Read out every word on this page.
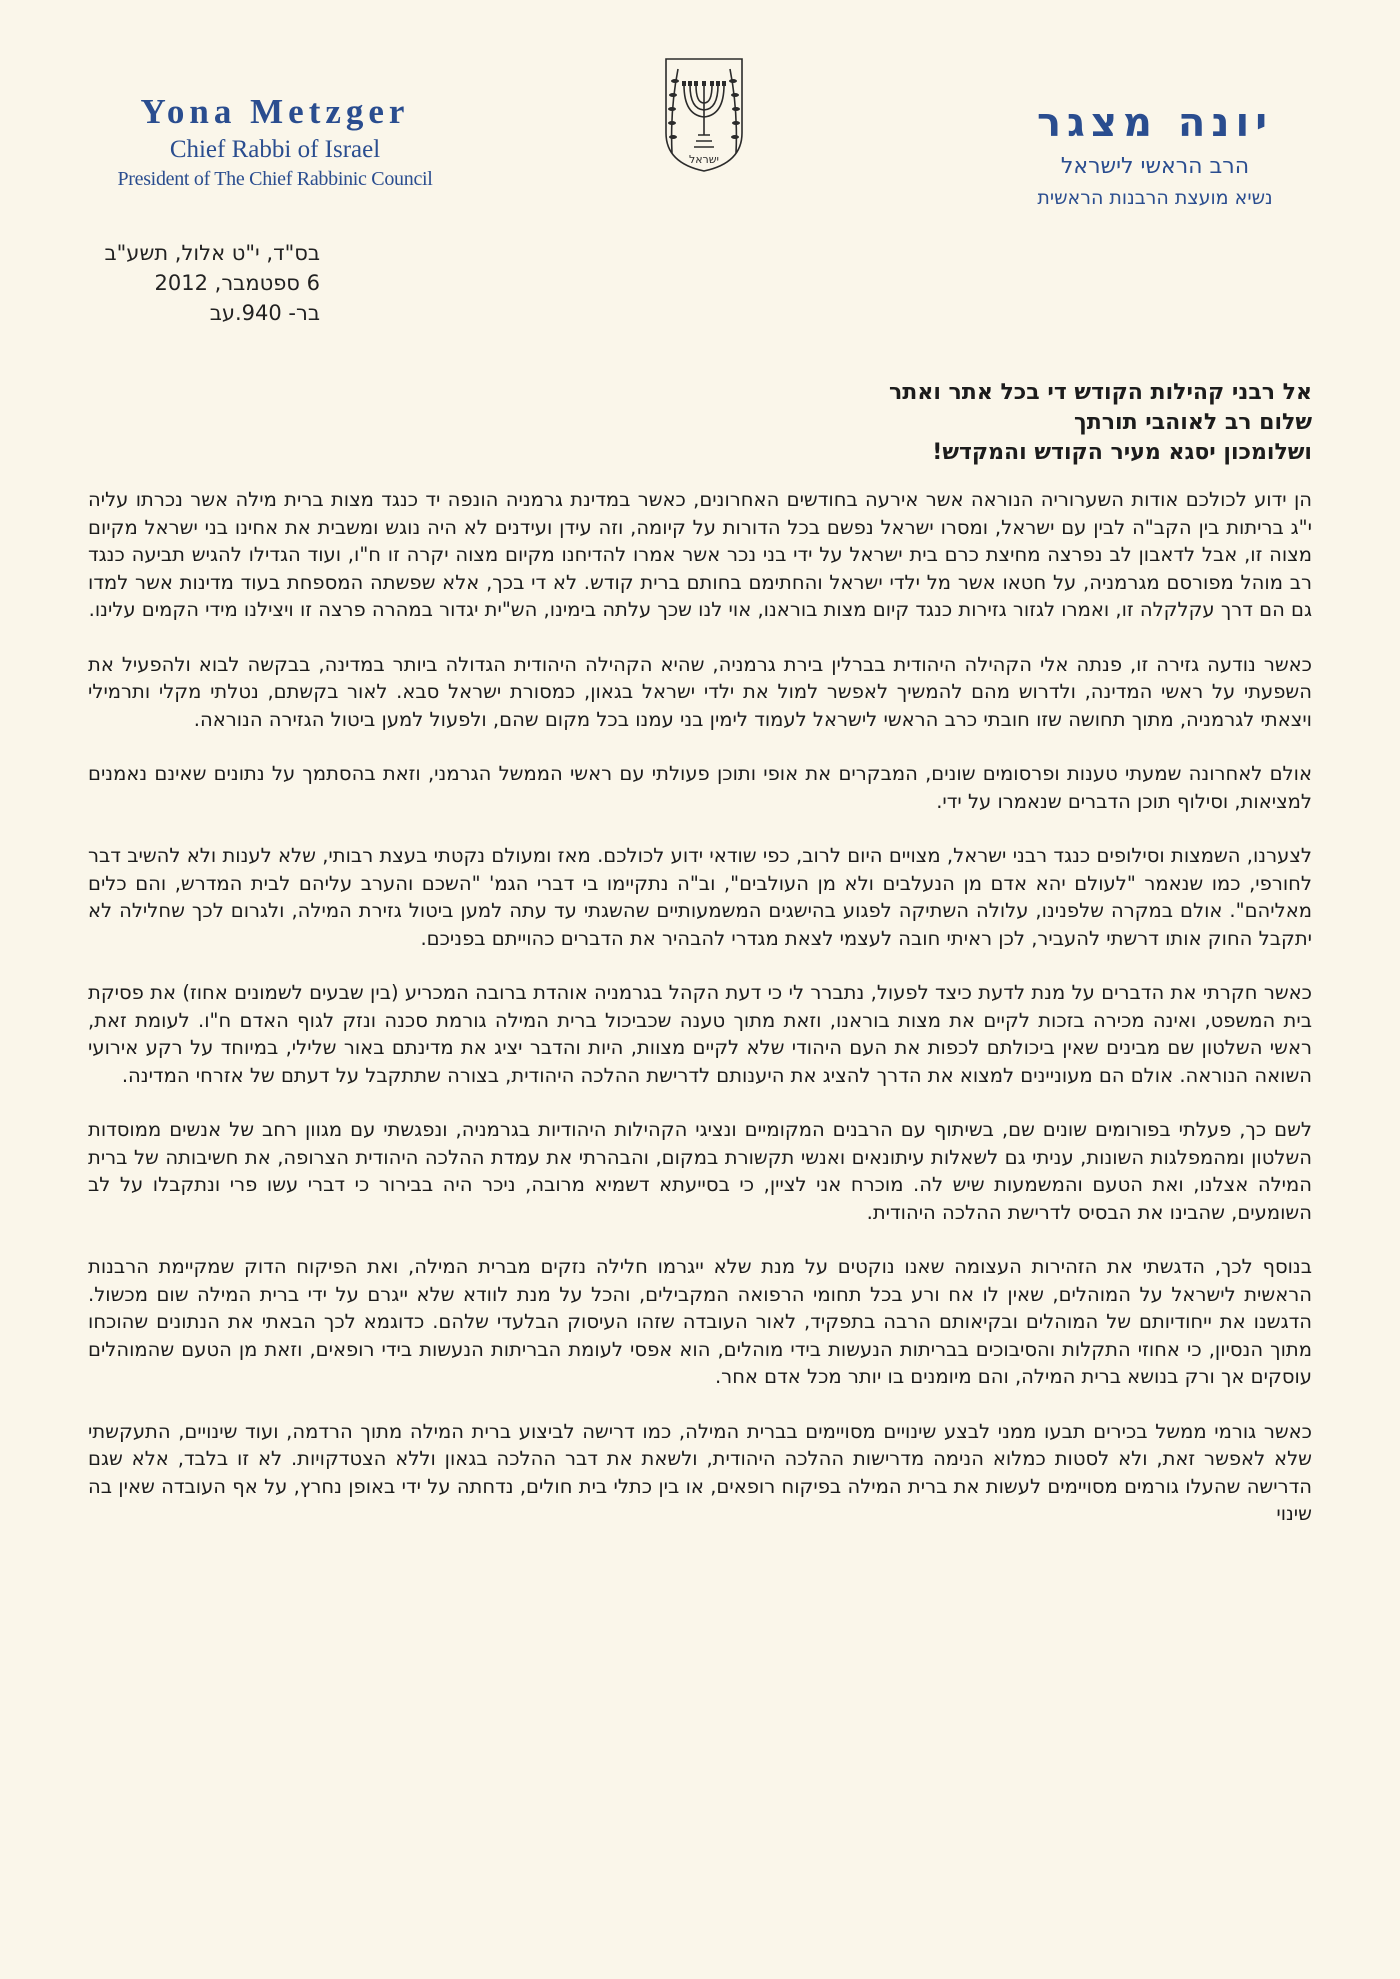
Yona Metzger
Chief Rabbi of Israel
President of The Chief Rabbinic Council
ישראל
יונה מצגר
הרב הראשי לישראל
נשיא מועצת הרבנות הראשית
בס"ד, י"ט אלול, תשע"ב
6 ספטמבר, 2012
בר- 940.עב
אל רבני קהילות הקודש די בכל אתר ואתר
שלום רב לאוהבי תורתך
ושלומכון יסגא מעיר הקודש והמקדש!

הן ידוע לכולכם אודות השערוריה הנוראה אשר אירעה בחודשים האחרונים, כאשר במדינת גרמניה הונפה יד כנגד מצות ברית מילה אשר נכרתו עליה י"ג בריתות בין הקב"ה לבין עם ישראל, ומסרו ישראל נפשם בכל הדורות על קיומה, וזה עידן ועידנים לא היה נוגש ומשבית את אחינו בני ישראל מקיום מצוה זו, אבל לדאבון לב נפרצה מחיצת כרם בית ישראל על ידי בני נכר אשר אמרו להדיחנו מקיום מצוה יקרה זו ח"ו, ועוד הגדילו להגיש תביעה כנגד רב מוהל מפורסם מגרמניה, על חטאו אשר מל ילדי ישראל והחתימם בחותם ברית קודש. לא די בכך, אלא שפשתה המספחת בעוד מדינות אשר למדו גם הם דרך עקלקלה זו, ואמרו לגזור גזירות כנגד קיום מצות בוראנו, אוי לנו שכך עלתה בימינו, הש"ית יגדור במהרה פרצה זו ויצילנו מידי הקמים עלינו.

כאשר נודעה גזירה זו, פנתה אלי הקהילה היהודית בברלין בירת גרמניה, שהיא הקהילה היהודית הגדולה ביותר במדינה, בבקשה לבוא ולהפעיל את השפעתי על ראשי המדינה, ולדרוש מהם להמשיך לאפשר למול את ילדי ישראל בגאון, כמסורת ישראל סבא. לאור בקשתם, נטלתי מקלי ותרמילי ויצאתי לגרמניה, מתוך תחושה שזו חובתי כרב הראשי לישראל לעמוד לימין בני עמנו בכל מקום שהם, ולפעול למען ביטול הגזירה הנוראה.

אולם לאחרונה שמעתי טענות ופרסומים שונים, המבקרים את אופי ותוכן פעולתי עם ראשי הממשל הגרמני, וזאת בהסתמך על נתונים שאינם נאמנים למציאות, וסילוף תוכן הדברים שנאמרו על ידי.

לצערנו, השמצות וסילופים כנגד רבני ישראל, מצויים היום לרוב, כפי שודאי ידוע לכולכם. מאז ומעולם נקטתי בעצת רבותי, שלא לענות ולא להשיב דבר לחורפי, כמו שנאמר "לעולם יהא אדם מן הנעלבים ולא מן העולבים", וב"ה נתקיימו בי דברי הגמ' "השכם והערב עליהם לבית המדרש, והם כלים מאליהם". אולם במקרה שלפנינו, עלולה השתיקה לפגוע בהישגים המשמעותיים שהשגתי עד עתה למען ביטול גזירת המילה, ולגרום לכך שחלילה לא יתקבל החוק אותו דרשתי להעביר, לכן ראיתי חובה לעצמי לצאת מגדרי להבהיר את הדברים כהוייתם בפניכם.

כאשר חקרתי את הדברים על מנת לדעת כיצד לפעול, נתברר לי כי דעת הקהל בגרמניה אוהדת ברובה המכריע (בין שבעים לשמונים אחוז) את פסיקת בית המשפט, ואינה מכירה בזכות לקיים את מצות בוראנו, וזאת מתוך טענה שכביכול ברית המילה גורמת סכנה ונזק לגוף האדם ח"ו. לעומת זאת, ראשי השלטון שם מבינים שאין ביכולתם לכפות את העם היהודי שלא לקיים מצוות, היות והדבר יציג את מדינתם באור שלילי, במיוחד על רקע אירועי השואה הנוראה. אולם הם מעוניינים למצוא את הדרך להציג את היענותם לדרישת ההלכה היהודית, בצורה שתתקבל על דעתם של אזרחי המדינה.

לשם כך, פעלתי בפורומים שונים שם, בשיתוף עם הרבנים המקומיים ונציגי הקהילות היהודיות בגרמניה, ונפגשתי עם מגוון רחב של אנשים ממוסדות השלטון ומהמפלגות השונות, עניתי גם לשאלות עיתונאים ואנשי תקשורת במקום, והבהרתי את עמדת ההלכה היהודית הצרופה, את חשיבותה של ברית המילה אצלנו, ואת הטעם והמשמעות שיש לה. מוכרח אני לציין, כי בסייעתא דשמיא מרובה, ניכר היה בבירור כי דברי עשו פרי ונתקבלו על לב השומעים, שהבינו את הבסיס לדרישת ההלכה היהודית.

בנוסף לכך, הדגשתי את הזהירות העצומה שאנו נוקטים על מנת שלא ייגרמו חלילה נזקים מברית המילה, ואת הפיקוח הדוק שמקיימת הרבנות הראשית לישראל על המוהלים, שאין לו אח ורע בכל תחומי הרפואה המקבילים, והכל על מנת לוודא שלא ייגרם על ידי ברית המילה שום מכשול. הדגשנו את ייחודיותם של המוהלים ובקיאותם הרבה בתפקיד, לאור העובדה שזהו העיסוק הבלעדי שלהם. כדוגמא לכך הבאתי את הנתונים שהוכחו מתוך הנסיון, כי אחוזי התקלות והסיבוכים בבריתות הנעשות בידי מוהלים, הוא אפסי לעומת הבריתות הנעשות בידי רופאים, וזאת מן הטעם שהמוהלים עוסקים אך ורק בנושא ברית המילה, והם מיומנים בו יותר מכל אדם אחר.

כאשר גורמי ממשל בכירים תבעו ממני לבצע שינויים מסויימים בברית המילה, כמו דרישה לביצוע ברית המילה מתוך הרדמה, ועוד שינויים, התעקשתי שלא לאפשר זאת, ולא לסטות כמלוא הנימה מדרישות ההלכה היהודית, ולשאת את דבר ההלכה בגאון וללא הצטדקויות. לא זו בלבד, אלא שגם הדרישה שהעלו גורמים מסויימים לעשות את ברית המילה בפיקוח רופאים, או בין כתלי בית חולים, נדחתה על ידי באופן נחרץ, על אף העובדה שאין בה שינוי
